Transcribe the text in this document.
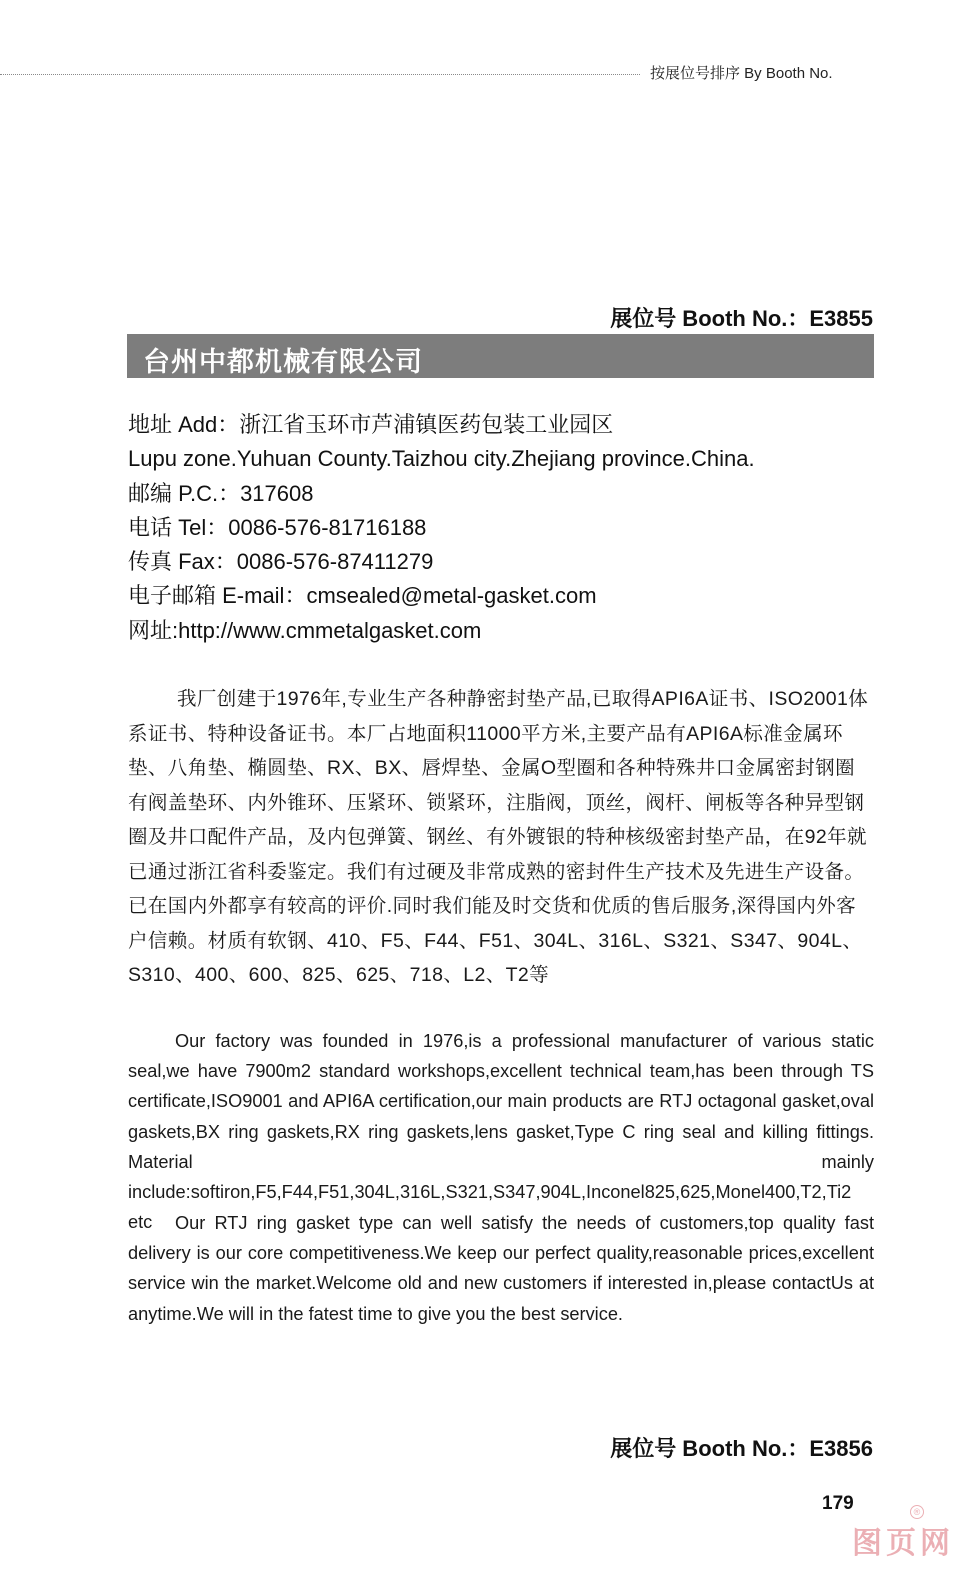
按展位号排序 By Booth No.
展位号 Booth No.：E3855
台州中都机械有限公司
地址 Add：浙江省玉环市芦浦镇医药包装工业园区
Lupu zone.Yuhuan County.Taizhou city.Zhejiang province.China.
邮编 P.C.：317608
电话 Tel：0086-576-81716188
传真 Fax：0086-576-87411279
电子邮箱 E-mail：cmsealed@metal-gasket.com
网址:http://www.cmmetalgasket.com

我厂创建于1976年,专业生产各种静密封垫产品,已取得API6A证书、ISO2001体系证书、特种设备证书。本厂占地面积11000平方米,主要产品有API6A标准金属环垫、八角垫、椭圆垫、RX、BX、唇焊垫、金属O型圈和各种特殊井口金属密封钢圈有阀盖垫环、内外锥环、压紧环、锁紧环，注脂阀，顶丝，阀杆、闸板等各种异型钢圈及井口配件产品，及内包弹簧、钢丝、有外镀银的特种核级密封垫产品，在92年就已通过浙江省科委鉴定。我们有过硬及非常成熟的密封件生产技术及先进生产设备。已在国内外都享有较高的评价.同时我们能及时交货和优质的售后服务,深得国内外客户信赖。材质有软钢、410、F5、F44、F51、304L、316L、S321、S347、904L、S310、400、600、825、625、718、L2、T2等

Our factory was founded in 1976,is a professional manufacturer of various static seal,we have 7900m2 standard workshops,excellent technical team,has been through TS certificate,ISO9001 and API6A certification,our main products are RTJ octagonal gasket,oval gaskets,BX ring gaskets,RX ring gaskets,lens gasket,Type C ring seal and killing fittings. Material mainly include:softiron,F5,F44,F51,304L,316L,S321,S347,904L,Inconel825,625,Monel400,T2,Ti2 etc	Our RTJ ring gasket type can well satisfy the needs of customers,top quality fast delivery is our core competitiveness.We keep our perfect quality,reasonable prices,excellent service win the market.Welcome old and new customers if interested in,please contactUs at anytime.We will in the fatest time to give you the best service.

展位号 Booth No.：E3856
179
图页网
®
